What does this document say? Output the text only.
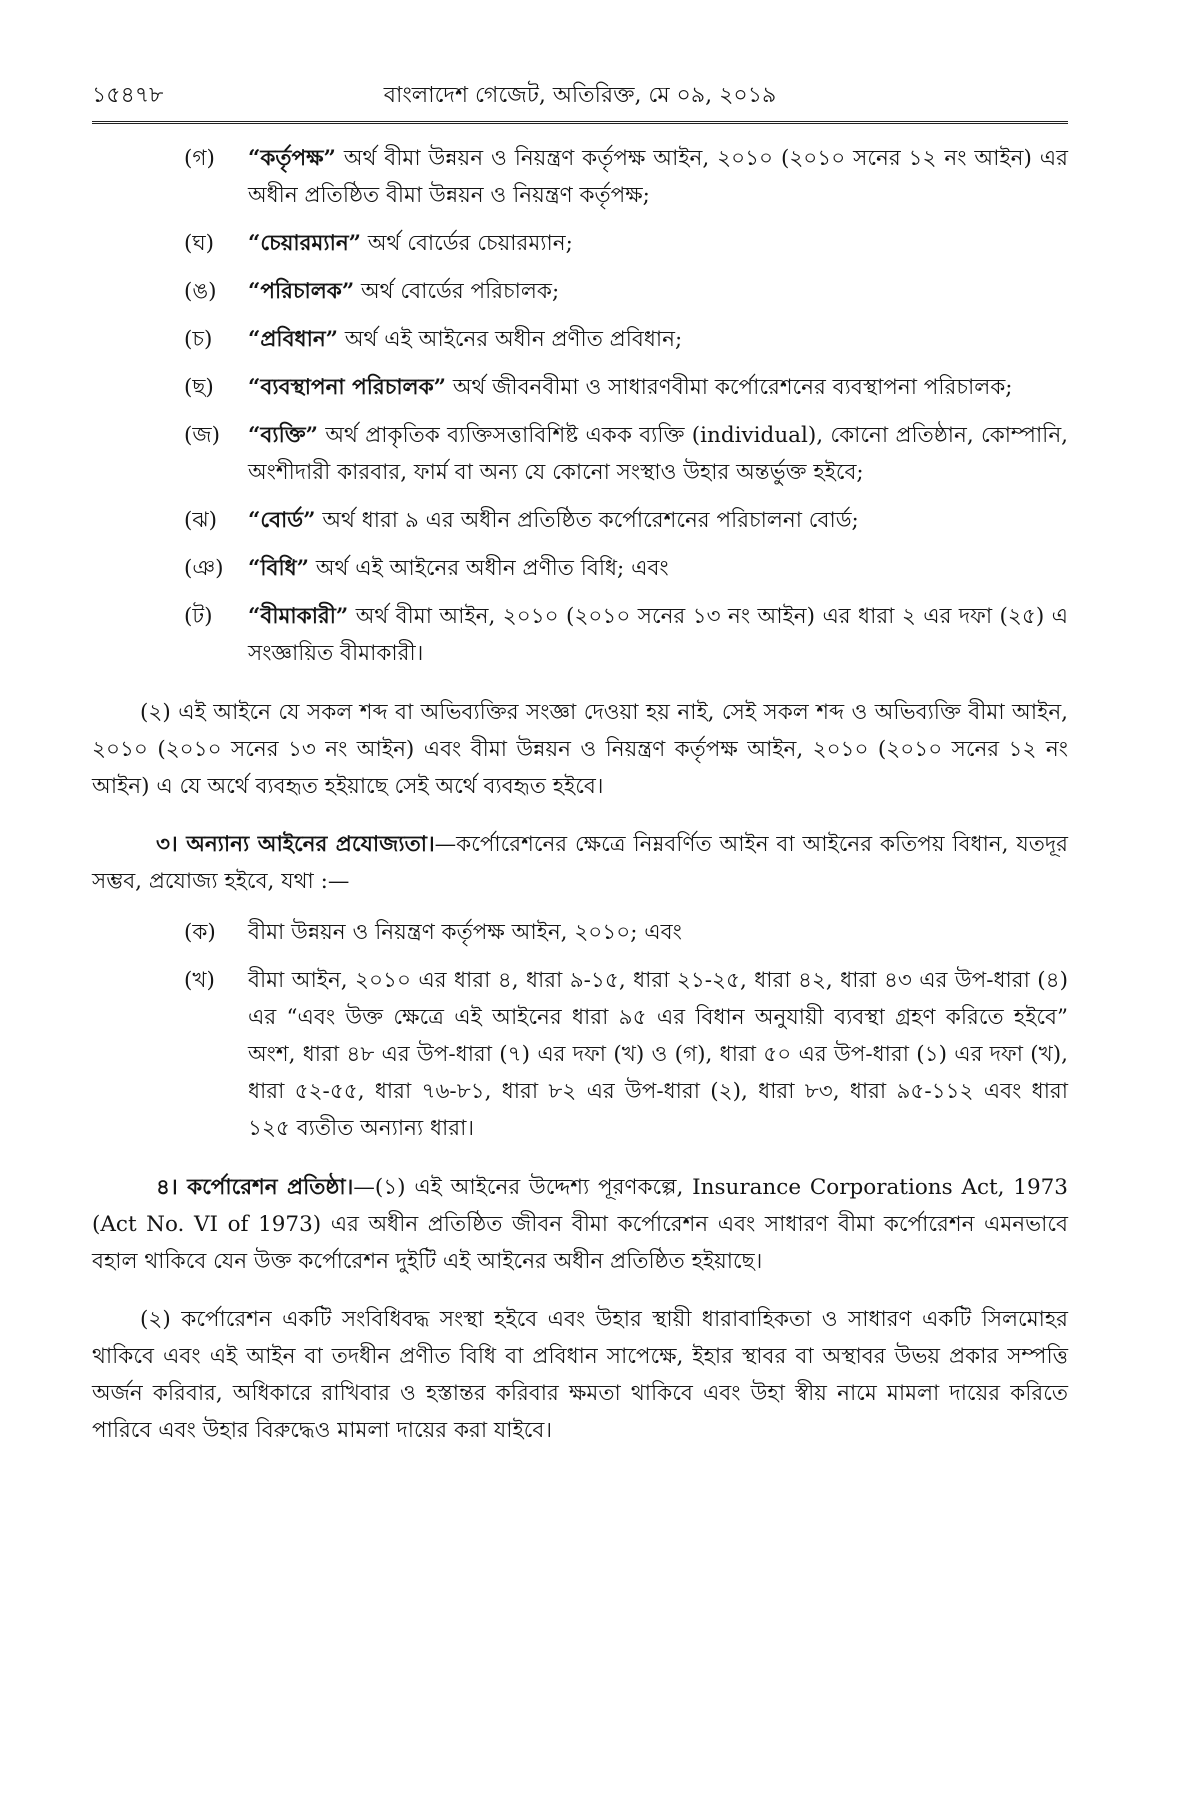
১৫৪৭৮	বাংলাদেশ গেজেট, অতিরিক্ত, মে ০৯, ২০১৯
(গ)	“কর্তৃপক্ষ” অর্থ বীমা উন্নয়ন ও নিয়ন্ত্রণ কর্তৃপক্ষ আইন, ২০১০ (২০১০ সনের ১২ নং আইন) এর অধীন প্রতিষ্ঠিত বীমা উন্নয়ন ও নিয়ন্ত্রণ কর্তৃপক্ষ;
(ঘ)	“চেয়ারম্যান” অর্থ বোর্ডের চেয়ারম্যান;
(ঙ)	“পরিচালক” অর্থ বোর্ডের পরিচালক;
(চ)	“প্রবিধান” অর্থ এই আইনের অধীন প্রণীত প্রবিধান;
(ছ)	“ব্যবস্থাপনা পরিচালক” অর্থ জীবনবীমা ও সাধারণবীমা কর্পোরেশনের ব্যবস্থাপনা পরিচালক;
(জ)	“ব্যক্তি” অর্থ প্রাকৃতিক ব্যক্তিসত্তাবিশিষ্ট একক ব্যক্তি (individual), কোনো প্রতিষ্ঠান, কোম্পানি, অংশীদারী কারবার, ফার্ম বা অন্য যে কোনো সংস্থাও উহার অন্তর্ভুক্ত হইবে;
(ঝ)	“বোর্ড” অর্থ ধারা ৯ এর অধীন প্রতিষ্ঠিত কর্পোরেশনের পরিচালনা বোর্ড;
(ঞ)	“বিধি” অর্থ এই আইনের অধীন প্রণীত বিধি; এবং
(ট)	“বীমাকারী” অর্থ বীমা আইন, ২০১০ (২০১০ সনের ১৩ নং আইন) এর ধারা ২ এর দফা (২৫) এ সংজ্ঞায়িত বীমাকারী।

(২) এই আইনে যে সকল শব্দ বা অভিব্যক্তির সংজ্ঞা দেওয়া হয় নাই, সেই সকল শব্দ ও অভিব্যক্তি বীমা আইন, ২০১০ (২০১০ সনের ১৩ নং আইন) এবং বীমা উন্নয়ন ও নিয়ন্ত্রণ কর্তৃপক্ষ আইন, ২০১০ (২০১০ সনের ১২ নং আইন) এ যে অর্থে ব্যবহৃত হইয়াছে সেই অর্থে ব্যবহৃত হইবে।

৩। অন্যান্য আইনের প্রযোজ্যতা।—কর্পোরেশনের ক্ষেত্রে নিম্নবর্ণিত আইন বা আইনের কতিপয় বিধান, যতদূর সম্ভব, প্রযোজ্য হইবে, যথা :—

(ক)	বীমা উন্নয়ন ও নিয়ন্ত্রণ কর্তৃপক্ষ আইন, ২০১০; এবং
(খ)	বীমা আইন, ২০১০ এর ধারা ৪, ধারা ৯-১৫, ধারা ২১-২৫, ধারা ৪২, ধারা ৪৩ এর উপ-ধারা (৪) এর “এবং উক্ত ক্ষেত্রে এই আইনের ধারা ৯৫ এর বিধান অনুযায়ী ব্যবস্থা গ্রহণ করিতে হইবে” অংশ, ধারা ৪৮ এর উপ-ধারা (৭) এর দফা (খ) ও (গ), ধারা ৫০ এর উপ-ধারা (১) এর দফা (খ), ধারা ৫২-৫৫, ধারা ৭৬-৮১, ধারা ৮২ এর উপ-ধারা (২), ধারা ৮৩, ধারা ৯৫-১১২ এবং ধারা ১২৫ ব্যতীত অন্যান্য ধারা।

৪। কর্পোরেশন প্রতিষ্ঠা।—(১) এই আইনের উদ্দেশ্য পূরণকল্পে, Insurance Corporations Act, 1973 (Act No. VI of 1973) এর অধীন প্রতিষ্ঠিত জীবন বীমা কর্পোরেশন এবং সাধারণ বীমা কর্পোরেশন এমনভাবে বহাল থাকিবে যেন উক্ত কর্পোরেশন দুইটি এই আইনের অধীন প্রতিষ্ঠিত হইয়াছে।

(২) কর্পোরেশন একটি সংবিধিবদ্ধ সংস্থা হইবে এবং উহার স্থায়ী ধারাবাহিকতা ও সাধারণ একটি সিলমোহর থাকিবে এবং এই আইন বা তদধীন প্রণীত বিধি বা প্রবিধান সাপেক্ষে, ইহার স্থাবর বা অস্থাবর উভয় প্রকার সম্পত্তি অর্জন করিবার, অধিকারে রাখিবার ও হস্তান্তর করিবার ক্ষমতা থাকিবে এবং উহা স্বীয় নামে মামলা দায়ের করিতে পারিবে এবং উহার বিরুদ্ধেও মামলা দায়ের করা যাইবে।
